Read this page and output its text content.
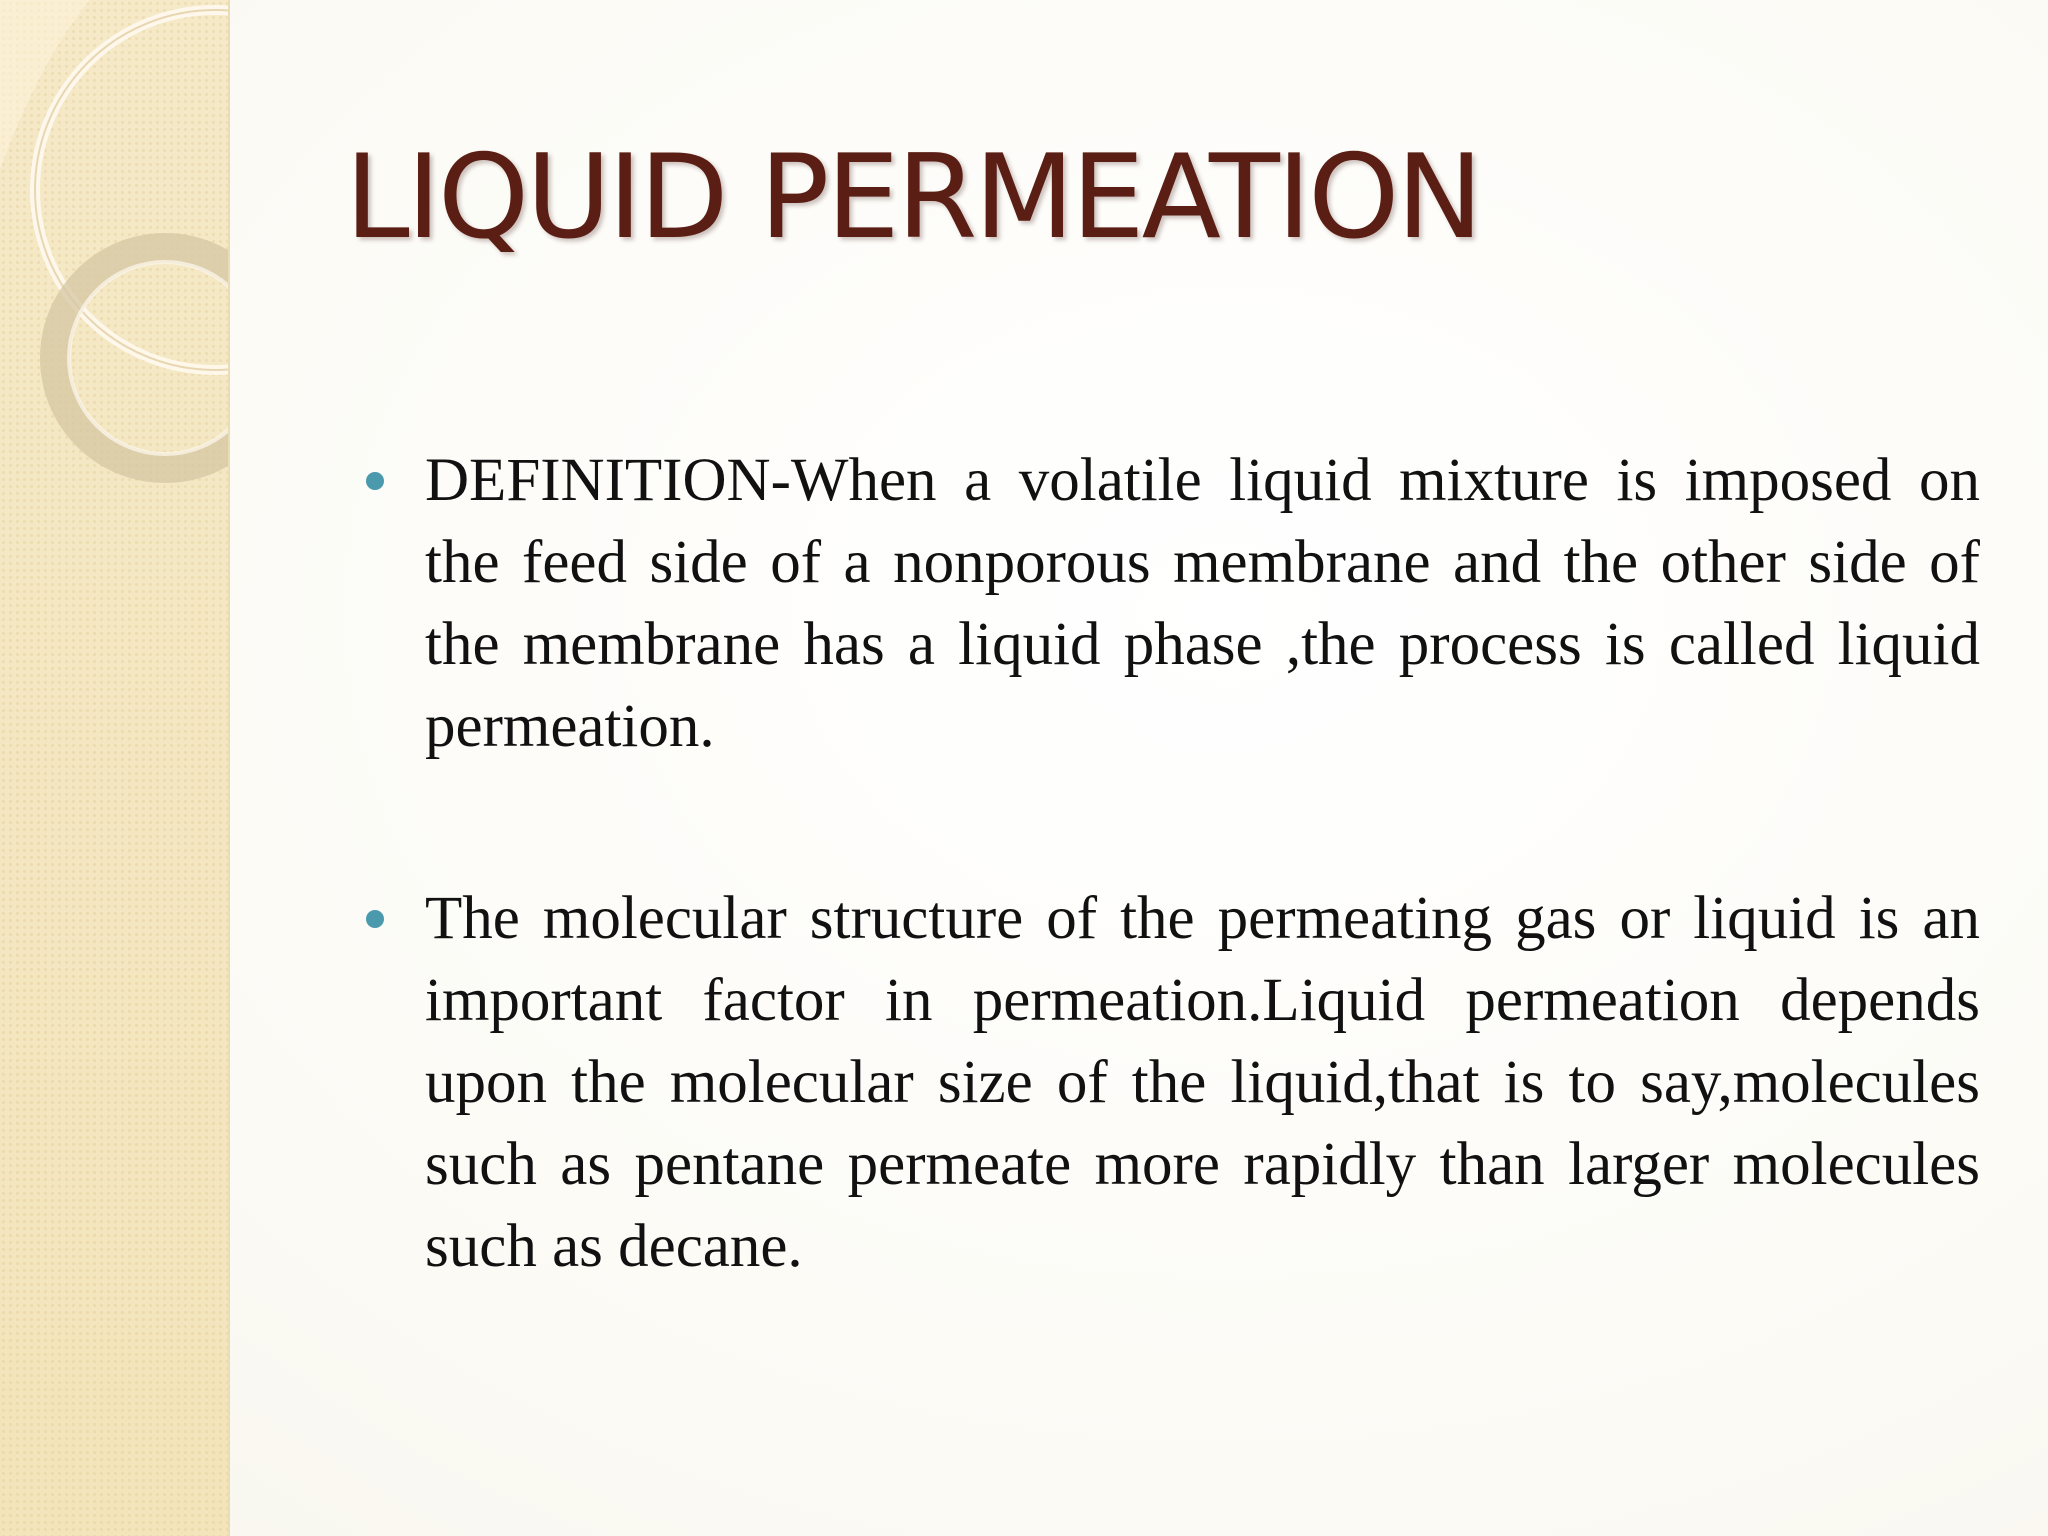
LIQUID PERMEATION

DEFINITION-When a volatile liquid mixture is imposed on the feed side of a nonporous membrane and the other side of the membrane has a liquid phase ,the process is called liquid permeation.

The molecular structure of the permeating gas or liquid is an important factor in permeation.Liquid permeation depends upon the molecular size of the liquid,that is to say,molecules such as pentane permeate more rapidly than larger molecules such as decane.
